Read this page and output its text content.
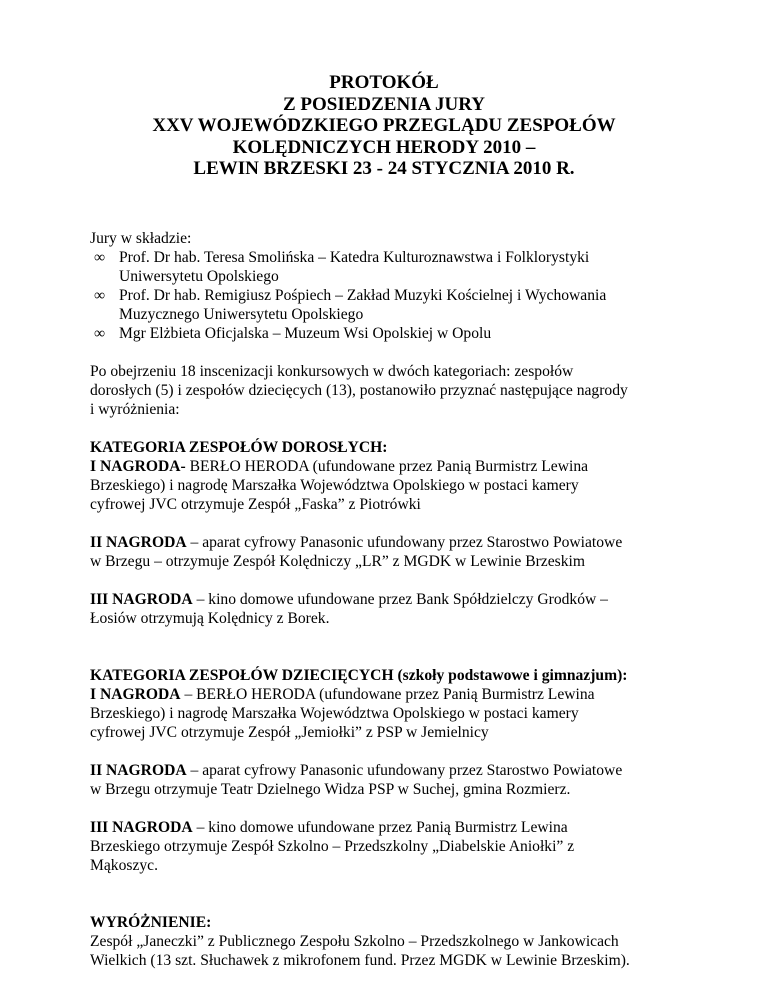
PROTOKÓŁ
Z POSIEDZENIA JURY
XXV WOJEWÓDZKIEGO PRZEGLĄDU ZESPOŁÓW
KOLĘDNICZYCH HERODY 2010 –
LEWIN BRZESKI 23 - 24 STYCZNIA 2010 R.
Jury w składzie:
∞ Prof. Dr hab. Teresa Smolińska – Katedra Kulturoznawstwa i Folklorystyki
Uniwersytetu Opolskiego
∞ Prof. Dr hab. Remigiusz Pośpiech – Zakład Muzyki Kościelnej i Wychowania
Muzycznego Uniwersytetu Opolskiego
∞ Mgr Elżbieta Oficjalska – Muzeum Wsi Opolskiej w Opolu
Po obejrzeniu 18 inscenizacji konkursowych w dwóch kategoriach: zespołów
dorosłych (5) i zespołów dziecięcych (13), postanowiło przyznać następujące nagrody
i wyróżnienia:
KATEGORIA ZESPOŁÓW DOROSŁYCH:
I NAGRODA- BERŁO HERODA (ufundowane przez Panią Burmistrz Lewina
Brzeskiego) i nagrodę Marszałka Województwa Opolskiego w postaci kamery
cyfrowej JVC otrzymuje Zespół „Faska” z Piotrówki
II NAGRODA – aparat cyfrowy Panasonic ufundowany przez Starostwo Powiatowe
w Brzegu – otrzymuje Zespół Kolędniczy „LR” z MGDK w Lewinie Brzeskim
III NAGRODA – kino domowe ufundowane przez Bank Spółdzielczy Grodków –
Łosiów otrzymują Kolędnicy z Borek.
KATEGORIA ZESPOŁÓW DZIECIĘCYCH (szkoły podstawowe i gimnazjum):
I NAGRODA – BERŁO HERODA (ufundowane przez Panią Burmistrz Lewina
Brzeskiego) i nagrodę Marszałka Województwa Opolskiego w postaci kamery
cyfrowej JVC otrzymuje Zespół „Jemiołki” z PSP w Jemielnicy
II NAGRODA – aparat cyfrowy Panasonic ufundowany przez Starostwo Powiatowe
w Brzegu otrzymuje Teatr Dzielnego Widza PSP w Suchej, gmina Rozmierz.
III NAGRODA – kino domowe ufundowane przez Panią Burmistrz Lewina
Brzeskiego otrzymuje Zespół Szkolno – Przedszkolny „Diabelskie Aniołki” z
Mąkoszyc.
WYRÓŻNIENIE:
Zespół „Janeczki” z Publicznego Zespołu Szkolno – Przedszkolnego w Jankowicach
Wielkich (13 szt. Słuchawek z mikrofonem fund. Przez MGDK w Lewinie Brzeskim).
